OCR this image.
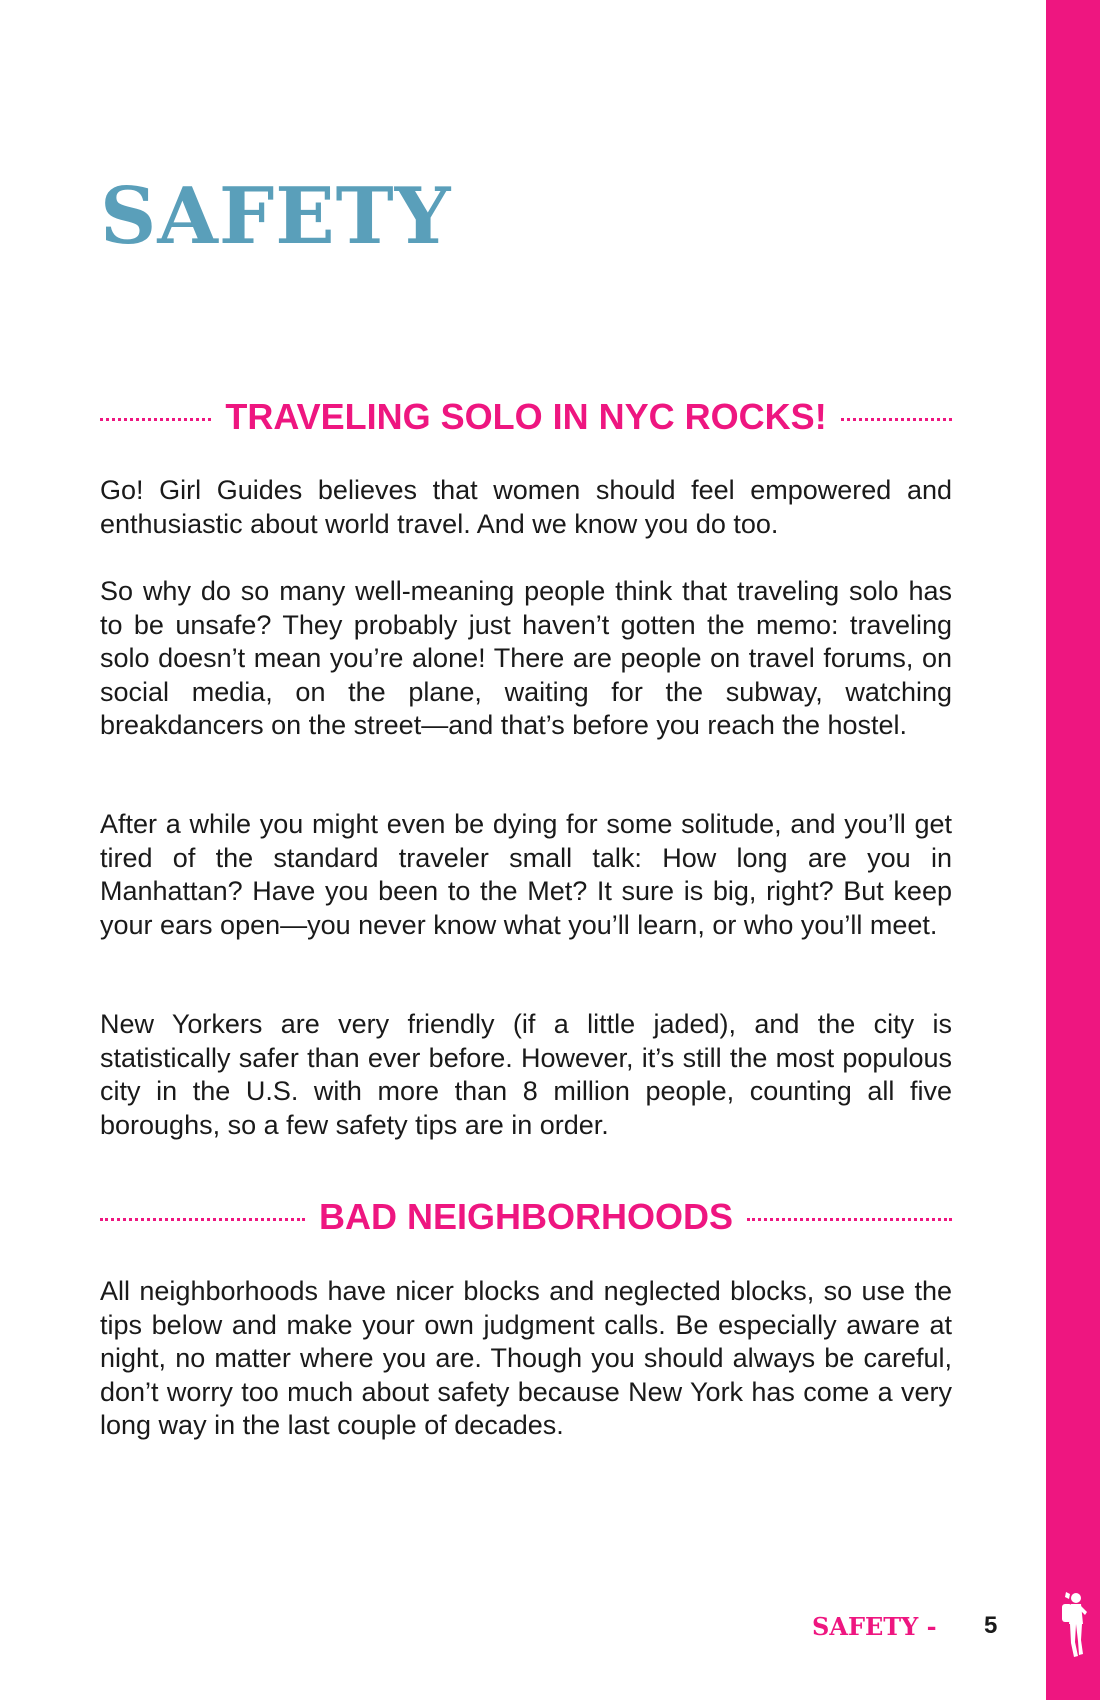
SAFETY
TRAVELING SOLO IN NYC ROCKS!

Go! Girl Guides believes that women should feel empowered and enthusiastic about world travel. And we know you do too.

So why do so many well-meaning people think that traveling solo has to be unsafe? They probably just haven’t gotten the memo: traveling solo doesn’t mean you’re alone! There are people on travel forums, on social media, on the plane, waiting for the subway, watching breakdancers on the street—and that’s before you reach the hostel.

After a while you might even be dying for some solitude, and you’ll get tired of the standard traveler small talk: How long are you in Manhattan? Have you been to the Met? It sure is big, right? But keep your ears open—you never know what you’ll learn, or who you’ll meet.

New Yorkers are very friendly (if a little jaded), and the city is statistically safer than ever before. However, it’s still the most populous city in the U.S. with more than 8 million people, counting all five boroughs, so a few safety tips are in order.

BAD NEIGHBORHOODS

All neighborhoods have nicer blocks and neglected blocks, so use the tips below and make your own judgment calls. Be especially aware at night, no matter where you are. Though you should always be careful, don’t worry too much about safety because New York has come a very long way in the last couple of decades.

SAFETY - 5
